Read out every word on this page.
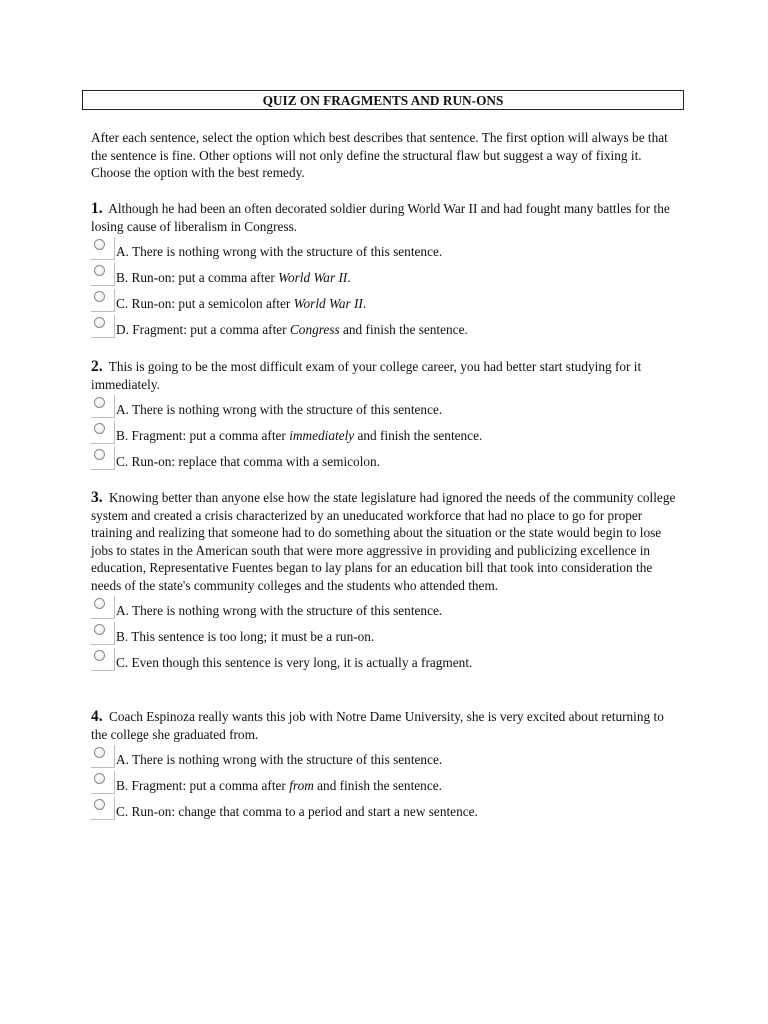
QUIZ ON FRAGMENTS AND RUN-ONS

After each sentence, select the option which best describes that sentence. The first option will always be that the sentence is fine. Other options will not only define the structural flaw but suggest a way of fixing it. Choose the option with the best remedy.

1. Although he had been an often decorated soldier during World War II and had fought many battles for the losing cause of liberalism in Congress.

A. There is nothing wrong with the structure of this sentence.
B. Run-on: put a comma after World War II.
C. Run-on: put a semicolon after World War II.
D. Fragment: put a comma after Congress and finish the sentence.

2. This is going to be the most difficult exam of your college career, you had better start studying for it immediately.

A. There is nothing wrong with the structure of this sentence.
B. Fragment: put a comma after immediately and finish the sentence.
C. Run-on: replace that comma with a semicolon.

3. Knowing better than anyone else how the state legislature had ignored the needs of the community college system and created a crisis characterized by an uneducated workforce that had no place to go for proper training and realizing that someone had to do something about the situation or the state would begin to lose jobs to states in the American south that were more aggressive in providing and publicizing excellence in education, Representative Fuentes began to lay plans for an education bill that took into consideration the needs of the state's community colleges and the students who attended them.

A. There is nothing wrong with the structure of this sentence.
B. This sentence is too long; it must be a run-on.
C. Even though this sentence is very long, it is actually a fragment.

4. Coach Espinoza really wants this job with Notre Dame University, she is very excited about returning to the college she graduated from.

A. There is nothing wrong with the structure of this sentence.
B. Fragment: put a comma after from and finish the sentence.
C. Run-on: change that comma to a period and start a new sentence.
